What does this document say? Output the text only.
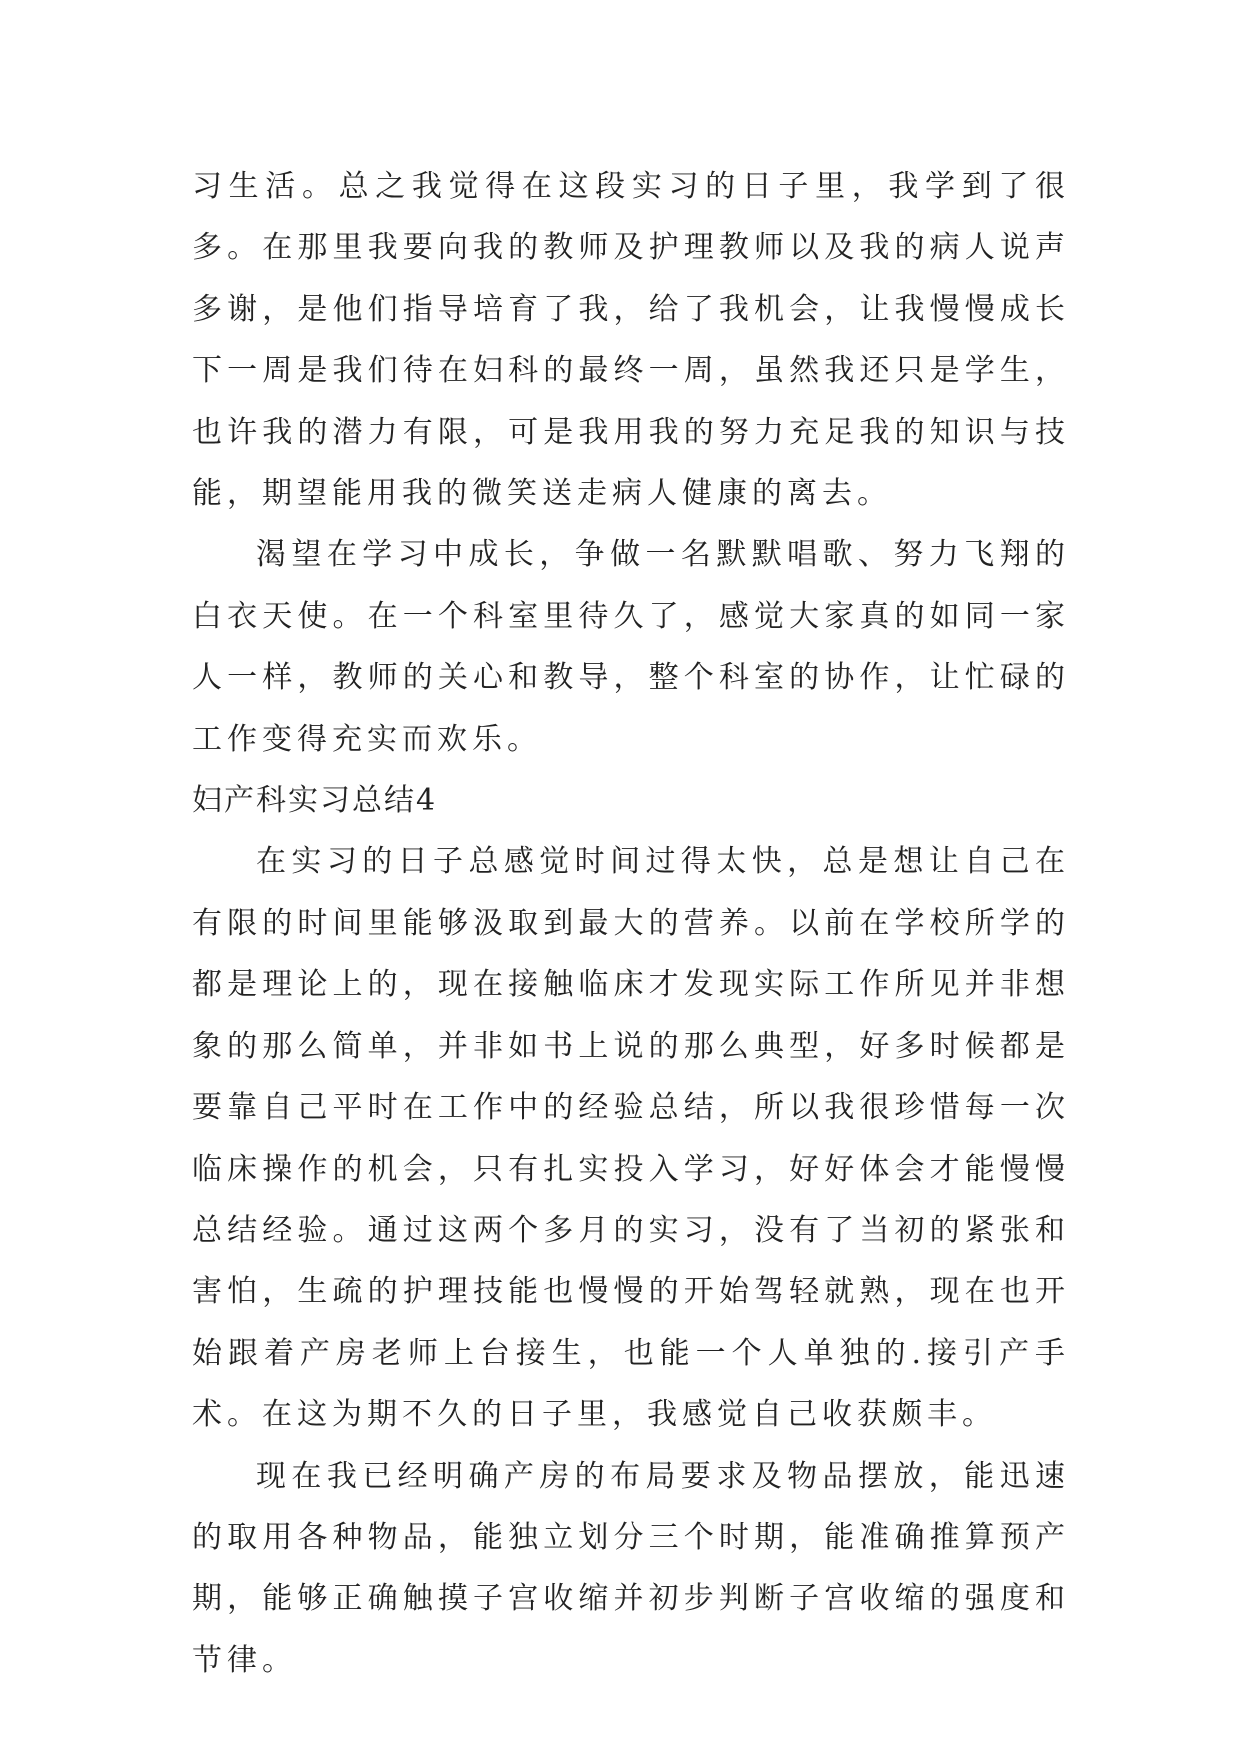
习生活。总之我觉得在这段实习的日子里，我学到了很多。在那里我要向我的教师及护理教师以及我的病人说声多谢，是他们指导培育了我，给了我机会，让我慢慢成长下一周是我们待在妇科的最终一周，虽然我还只是学生，也许我的潜力有限，可是我用我的努力充足我的知识与技能，期望能用我的微笑送走病人健康的离去。

渴望在学习中成长，争做一名默默唱歌、努力飞翔的白衣天使。在一个科室里待久了，感觉大家真的如同一家人一样，教师的关心和教导，整个科室的协作，让忙碌的工作变得充实而欢乐。

妇产科实习总结4

在实习的日子总感觉时间过得太快，总是想让自己在有限的时间里能够汲取到最大的营养。以前在学校所学的都是理论上的，现在接触临床才发现实际工作所见并非想象的那么简单，并非如书上说的那么典型，好多时候都是要靠自己平时在工作中的经验总结，所以我很珍惜每一次临床操作的机会，只有扎实投入学习，好好体会才能慢慢总结经验。通过这两个多月的实习，没有了当初的紧张和害怕，生疏的护理技能也慢慢的开始驾轻就熟，现在也开始跟着产房老师上台接生，也能一个人单独的.接引产手术。在这为期不久的日子里，我感觉自己收获颇丰。

现在我已经明确产房的布局要求及物品摆放，能迅速的取用各种物品，能独立划分三个时期，能准确推算预产期，能够正确触摸子宫收缩并初步判断子宫收缩的强度和节律。
